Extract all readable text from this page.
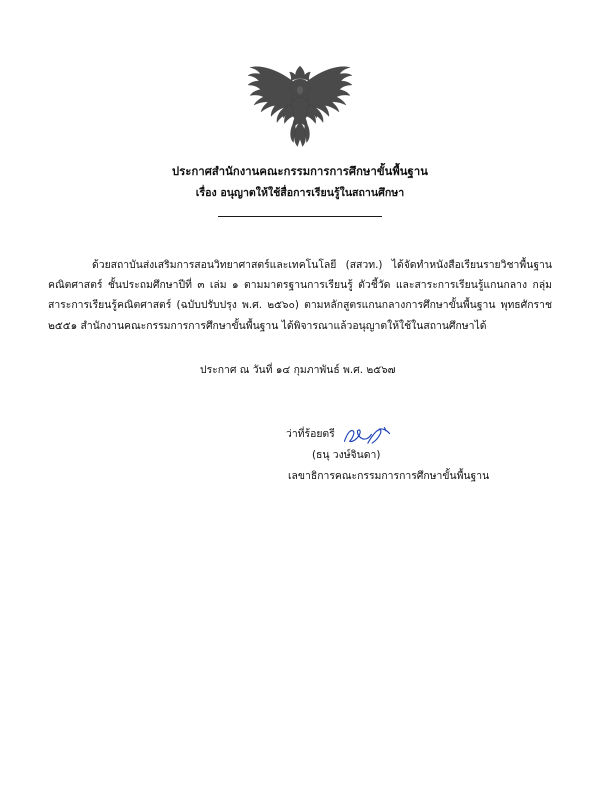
ประกาศสำนักงานคณะกรรมการการศึกษาขั้นพื้นฐาน
เรื่อง อนุญาตให้ใช้สื่อการเรียนรู้ในสถานศึกษา
ด้วยสถาบันส่งเสริมการสอนวิทยาศาสตร์และเทคโนโลยี (สสวท.) ได้จัดทำหนังสือเรียนรายวิชาพื้นฐานคณิตศาสตร์ ชั้นประถมศึกษาปีที่ ๓ เล่ม ๑ ตามมาตรฐานการเรียนรู้ ตัวชี้วัด และสาระการเรียนรู้แกนกลาง กลุ่มสาระการเรียนรู้คณิตศาสตร์ (ฉบับปรับปรุง พ.ศ. ๒๕๖๐) ตามหลักสูตรแกนกลางการศึกษาขั้นพื้นฐาน พุทธศักราช ๒๕๕๑ สำนักงานคณะกรรมการการศึกษาขั้นพื้นฐาน ได้พิจารณาแล้วอนุญาตให้ใช้ในสถานศึกษาได้
ประกาศ ณ วันที่ ๑๔ กุมภาพันธ์ พ.ศ. ๒๕๖๗
ว่าที่ร้อยตรี
(ธนุ วงษ์จินดา)
เลขาธิการคณะกรรมการการศึกษาขั้นพื้นฐาน
